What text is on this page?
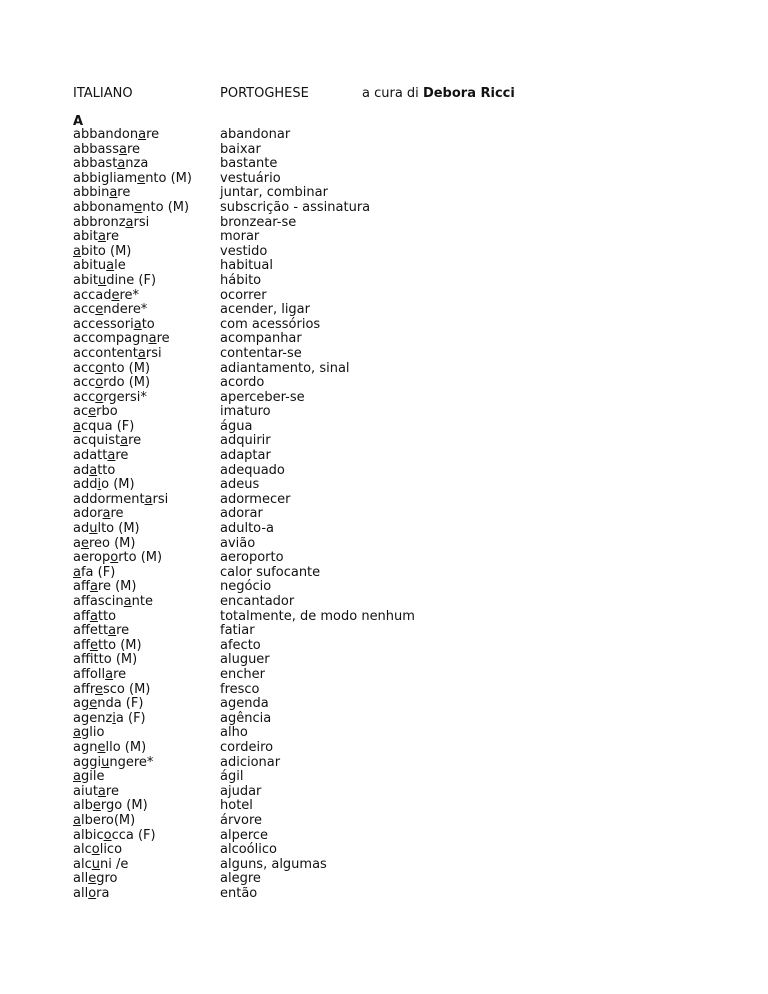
ITALIANO	PORTOGHESE	a cura di Debora Ricci
A
abbandonare
abbassare
abbastanza
abbigliamento (M)
abbinare
abbonamento (M)
abbronzarsi
abitare
abito (M)
abituale
abitudine (F)
accadere*
accendere*
accessoriato
accompagnare
accontentarsi
acconto (M)
accordo (M)
accorgersi*
acerbo
acqua (F)
acquistare
adattare
adatto
addio (M)
addormentarsi
adorare
adulto (M)
aereo (M)
aeroporto (M)
afa (F)
affare (M)
affascinante
affatto
affettare
affetto (M)
afftto (M)
affollare
affresco (M)
agenda (F)
agenzia (F)
aglio
agnello (M)
aggiungere*
agile
aiutare
albergo (M)
albero(M)
albicocca (F)
alcolico
alcuni /e
allegro
allora
abandonar
baixar
bastante
vestuário
juntar, combinar
subscrição - assinatura
bronzear-se
morar
vestido
habitual
hábito
ocorrer
acender, ligar
com acessórios
acompanhar
contentar-se
adiantamento, sinal
acordo
aperceber-se
imaturo
água
adquirir
adaptar
adequado
adeus
adormecer
adorar
adulto-a
avião
aeroporto
calor sufocante
negócio
encantador
totalmente, de modo nenhum
fatiar
afecto
aluguer
encher
fresco
agenda
agência
alho
cordeiro
adicionar
ágil
ajudar
hotel
árvore
alperce
alcoólico
alguns, algumas
alegre
então
